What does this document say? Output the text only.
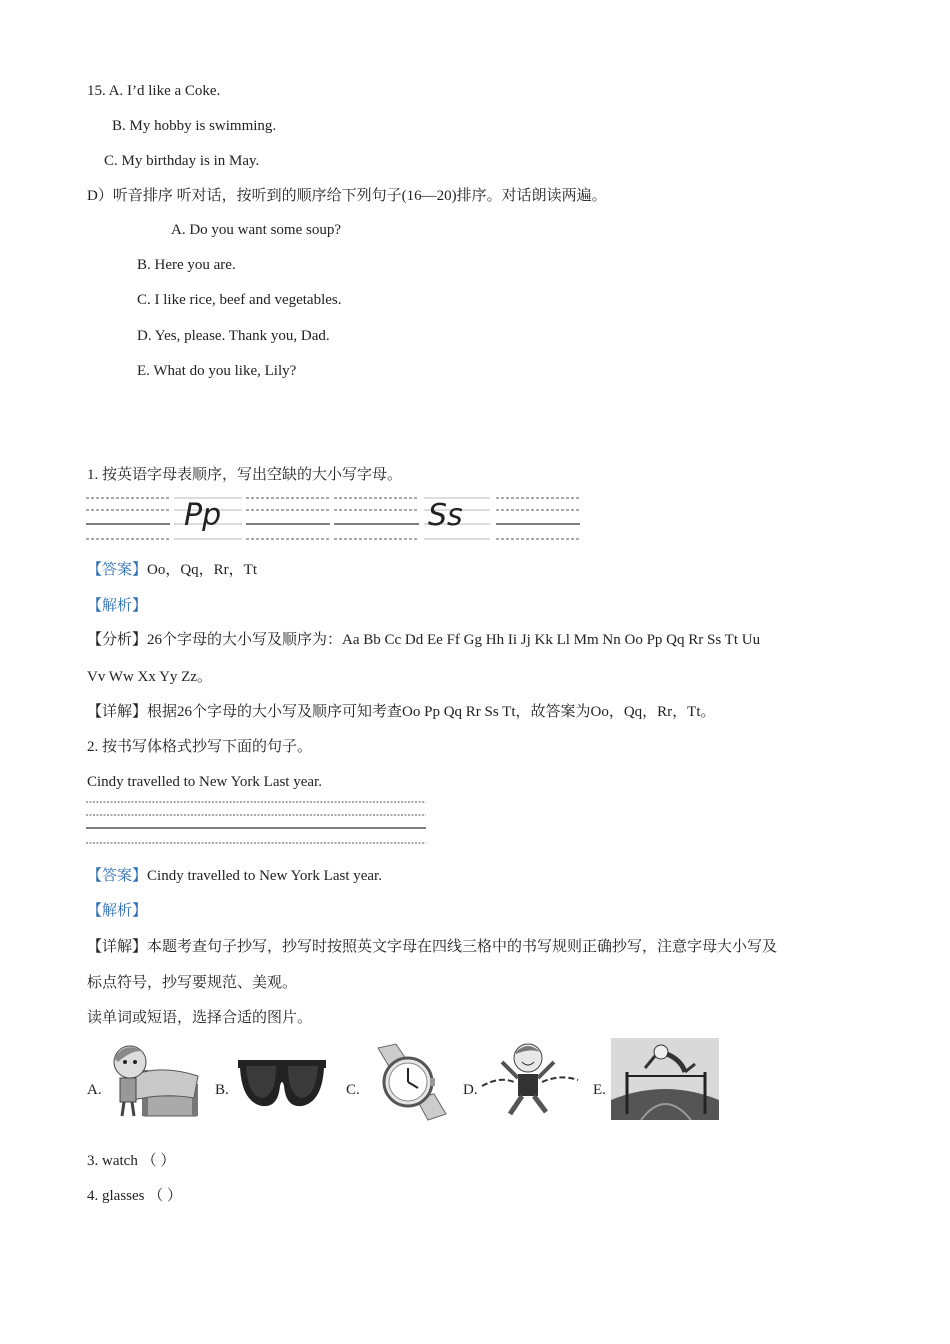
15. A. I’d like a Coke.
B. My hobby is swimming.
C. My birthday is in May.
D）听音排序 听对话，按听到的顺序给下列句子(16—20)排序。对话朗读两遍。
A. Do you want some soup?
B. Here you are.
C. I like rice, beef and vegetables.
D. Yes, please. Thank you, Dad.
E. What do you like, Lily?
1. 按英语字母表顺序，写出空缺的大小写字母。
Pp	Ss
【答案】Oo，Qq，Rr，Tt
【解析】
【分析】26个字母的大小写及顺序为：Aa Bb Cc Dd Ee Ff Gg Hh Ii Jj Kk Ll Mm Nn Oo Pp Qq Rr Ss Tt Uu
Vv Ww Xx Yy Zz。
【详解】根据26个字母的大小写及顺序可知考查Oo Pp Qq Rr Ss Tt，故答案为Oo，Qq，Rr，Tt。
2. 按书写体格式抄写下面的句子。
Cindy travelled to New York Last year.
【答案】Cindy travelled to New York Last year.
【解析】
【详解】本题考查句子抄写，抄写时按照英文字母在四线三格中的书写规则正确抄写，注意字母大小写及
标点符号，抄写要规范、美观。
读单词或短语，选择合适的图片。
A.	B.	C.	D.	E.
3. watch （ ）
4. glasses （ ）
